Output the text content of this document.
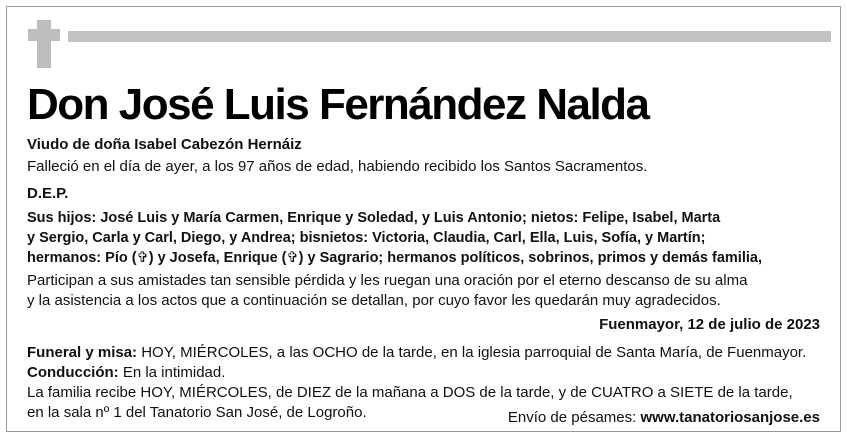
Don José Luis Fernández Nalda
Viudo de doña Isabel Cabezón Hernáiz
Falleció en el día de ayer, a los 97 años de edad, habiendo recibido los Santos Sacramentos.
D.E.P.
Sus hijos: José Luis y María Carmen, Enrique y Soledad, y Luis Antonio; nietos: Felipe, Isabel, Marta
y Sergio, Carla y Carl, Diego, y Andrea; bisnietos: Victoria, Claudia, Carl, Ella, Luis, Sofía, y Martín;
hermanos: Pío (✞) y Josefa, Enrique (✞) y Sagrario; hermanos políticos, sobrinos, primos y demás familia,
Participan a sus amistades tan sensible pérdida y les ruegan una oración por el eterno descanso de su alma
y la asistencia a los actos que a continuación se detallan, por cuyo favor les quedarán muy agradecidos.
Fuenmayor, 12 de julio de 2023
Funeral y misa: HOY, MIÉRCOLES, a las OCHO de la tarde, en la iglesia parroquial de Santa María, de Fuenmayor.
Conducción: En la intimidad.
La familia recibe HOY, MIÉRCOLES, de DIEZ de la mañana a DOS de la tarde, y de CUATRO a SIETE de la tarde,
en la sala nº 1 del Tanatorio San José, de Logroño.	Envío de pésames: www.tanatoriosanjose.es
